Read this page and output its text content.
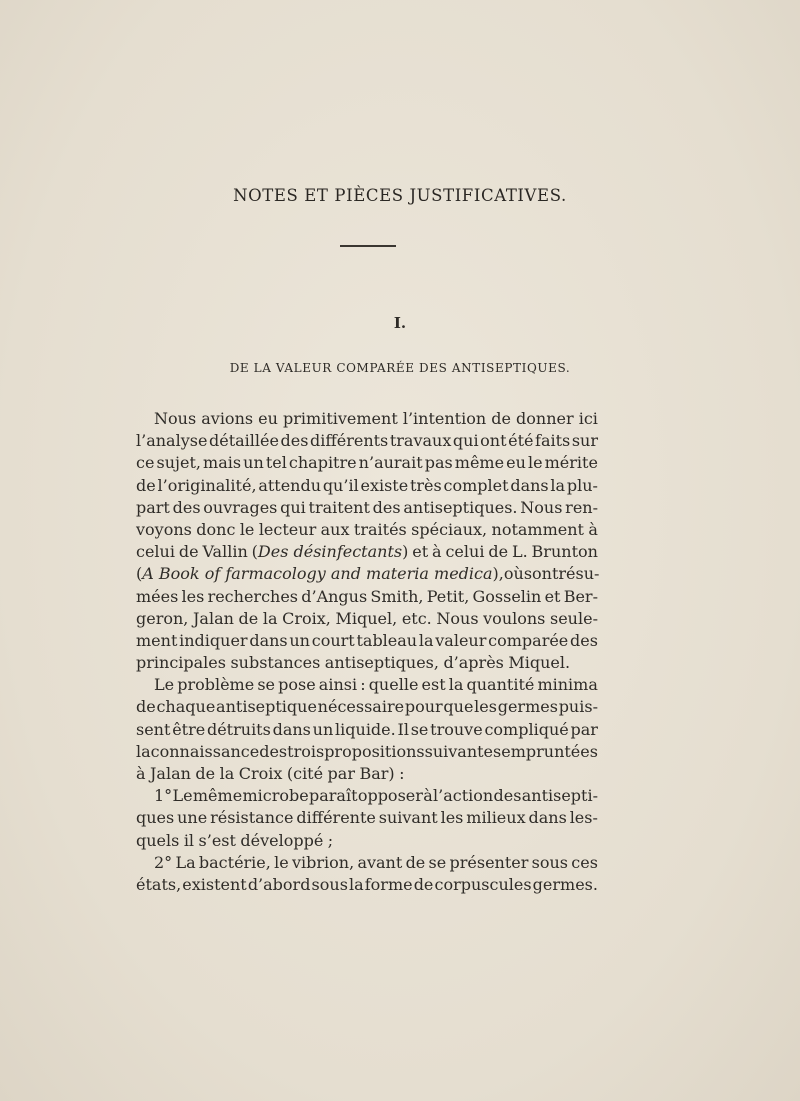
NOTES ET PIÈCES JUSTIFICATIVES.
I.
DE LA VALEUR COMPARÉE DES ANTISEPTIQUES.
Nous avions eu primitivement l’intention de donner ici
l’analyse détaillée des différents travaux qui ont été faits sur
ce sujet, mais un tel chapitre n’aurait pas même eu le mérite
de l’originalité, attendu qu’il existe très complet dans la plu-
part des ouvrages qui traitent des antiseptiques. Nous ren-
voyons donc le lecteur aux traités spéciaux, notamment à
celui de Vallin (Des désinfectants) et à celui de L. Brunton
(A Book of farmacology and materia medica), où sont résu-
mées les recherches d’Angus Smith, Petit, Gosselin et Ber-
geron, Jalan de la Croix, Miquel, etc. Nous voulons seule-
ment indiquer dans un court tableau la valeur comparée des
principales substances antiseptiques, d’après Miquel.
Le problème se pose ainsi : quelle est la quantité minima
de chaque antiseptique nécessaire pour que les germes puis-
sent être détruits dans un liquide. Il se trouve compliqué par
la connaissance des trois propositions suivantes empruntées
à Jalan de la Croix (cité par Bar) :
1° Le même microbe paraît opposer à l’action des antisepti-
ques une résistance différente suivant les milieux dans les-
quels il s’est développé ;
2° La bactérie, le vibrion, avant de se présenter sous ces
états, existent d’abord sous la forme de corpuscules germes.
